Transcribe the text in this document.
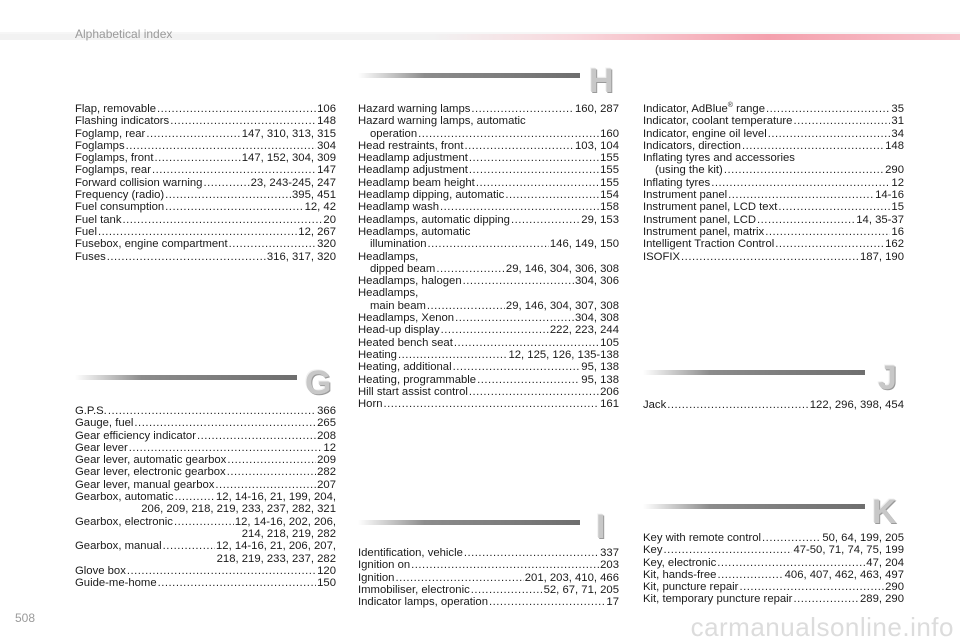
Alphabetical index
Flap, removable .....	106
Flashing indicators .....	148
Foglamp, rear .....	147, 310, 313, 315
Foglamps .....	304
Foglamps, front .....	147, 152, 304, 309
Foglamps, rear .....	147
Forward collision warning .....	23, 243-245, 247
Frequency (radio) .....	395, 451
Fuel consumption .....	12, 42
Fuel tank .....	20
Fuel .....	12, 267
Fusebox, engine compartment .....	320
Fuses .....	316, 317, 320
G
G.P.S. .....	366
Gauge, fuel .....	265
Gear efficiency indicator .....	208
Gear lever .....	12
Gear lever, automatic gearbox .....	209
Gear lever, electronic gearbox .....	282
Gear lever, manual gearbox .....	207
Gearbox, automatic .....	12, 14-16, 21, 199, 204,
206, 209, 218, 219, 233, 237, 282, 321
Gearbox, electronic .....	12, 14-16, 202, 206,
214, 218, 219, 282
Gearbox, manual .....	12, 14-16, 21, 206, 207,
218, 219, 233, 237, 282
Glove box .....	120
Guide-me-home .....	150
H
Hazard warning lamps .....	160, 287
Hazard warning lamps, automatic
operation .....	160
Head restraints, front .....	103, 104
Headlamp adjustment .....	155
Headlamp adjustment .....	155
Headlamp beam height .....	155
Headlamp dipping, automatic .....	154
Headlamp wash .....	158
Headlamps, automatic dipping .....	29, 153
Headlamps, automatic
illumination .....	146, 149, 150
Headlamps,
dipped beam .....	29, 146, 304, 306, 308
Headlamps, halogen .....	304, 306
Headlamps,
main beam .....	29, 146, 304, 307, 308
Headlamps, Xenon .....	304, 308
Head-up display .....	222, 223, 244
Heated bench seat .....	105
Heating .....	12, 125, 126, 135-138
Heating, additional .....	95, 138
Heating, programmable .....	95, 138
Hill start assist control .....	206
Horn .....	161
I
Identification, vehicle .....	337
Ignition on .....	203
Ignition .....	201, 203, 410, 466
Immobiliser, electronic .....	52, 67, 71, 205
Indicator lamps, operation .....	17
Indicator, AdBlue® range .....	35
Indicator, coolant temperature .....	31
Indicator, engine oil level .....	34
Indicators, direction .....	148
Inflating tyres and accessories
(using the kit) .....	290
Inflating tyres .....	12
Instrument panel .....	14-16
Instrument panel, LCD text .....	15
Instrument panel, LCD .....	14, 35-37
Instrument panel, matrix .....	16
Intelligent Traction Control .....	162
ISOFIX .....	187, 190
J
Jack .....	122, 296, 398, 454
K
Key with remote control .....	50, 64, 199, 205
Key .....	47-50, 71, 74, 75, 199
Key, electronic .....	47, 204
Kit, hands-free .....	406, 407, 462, 463, 497
Kit, puncture repair .....	290
Kit, temporary puncture repair .....	289, 290
508	carmanualsonline.info
